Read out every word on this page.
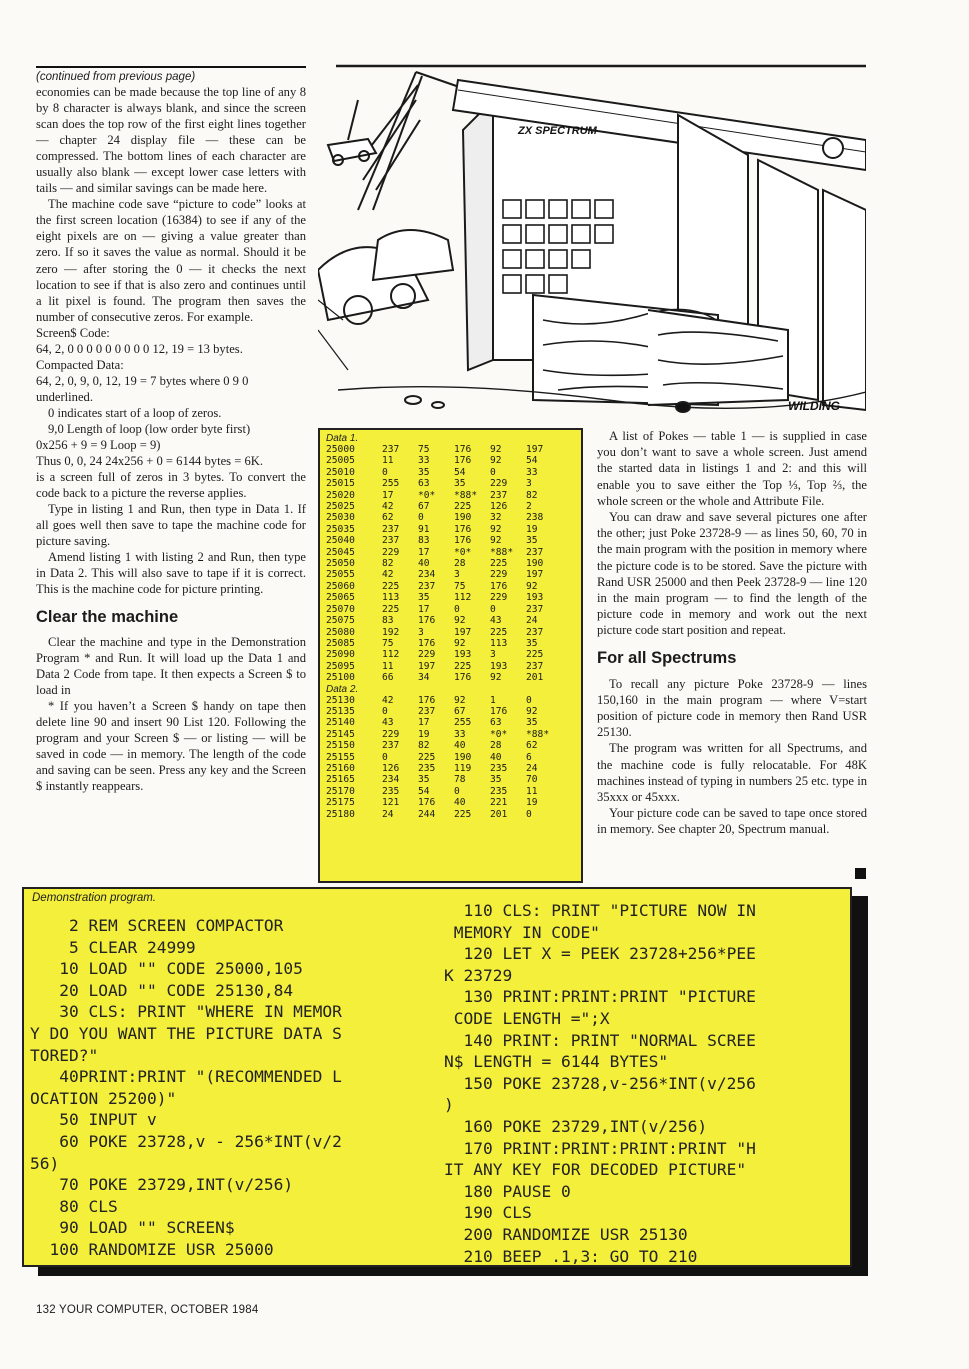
(continued from previous page)

economies can be made because the top line of any 8 by 8 character is always blank, and since the screen scan does the top row of the first eight lines together — chapter 24 display file — these can be compressed. The bottom lines of each character are usually also blank — except lower case letters with tails — and similar savings can be made here.

The machine code save “picture to code” looks at the first screen location (16384) to see if any of the eight pixels are on — giving a value greater than zero. If so it saves the value as normal. Should it be zero — after storing the 0 — it checks the next location to see if that is also zero and continues until a lit pixel is found. The program then saves the number of consecutive zeros. For example.

Screen$ Code:

64, 2, 0 0 0 0 0 0 0 0 0 12, 19 = 13 bytes.

Compacted Data:

64, 2, 0, 9, 0, 12, 19 = 7 bytes where 0 9 0

underlined.

0 indicates start of a loop of zeros.

9,0 Length of loop (low order byte first)

0x256 + 9 = 9 Loop = 9)

Thus 0, 0, 24 24x256 + 0 = 6144 bytes = 6K.

is a screen full of zeros in 3 bytes. To convert the code back to a picture the reverse applies.

Type in listing 1 and Run, then type in Data 1. If all goes well then save to tape the machine code for picture saving.

Amend listing 1 with listing 2 and Run, then type in Data 2. This will also save to tape if it is correct. This is the machine code for picture printing.

Clear the machine

Clear the machine and type in the Demonstration Program * and Run. It will load up the Data 1 and Data 2 Code from tape. It then expects a Screen $ to load in

* If you haven’t a Screen $ handy on tape then delete line 90 and insert 90 List 120. Following the program and your Screen $ — or listing — will be saved in code — in memory. The length of the code and saving can be seen. Press any key and the Screen $ instantly reappears.

ZX SPECTRUM
WILDING
Data 1.
25000	237	75	176	92	197
25005	11	33	176	92	54
25010	0	35	54	0	33
25015	255	63	35	229	3
25020	17	*0*	*88*	237	82
25025	42	67	225	126	2
25030	62	0	190	32	238
25035	237	91	176	92	19
25040	237	83	176	92	35
25045	229	17	*0*	*88*	237
25050	82	40	28	225	190
25055	42	234	3	229	197
25060	225	237	75	176	92
25065	113	35	112	229	193
25070	225	17	0	0	237
25075	83	176	92	43	24
25080	192	3	197	225	237
25085	75	176	92	113	35
25090	112	229	193	3	225
25095	11	197	225	193	237
25100	66	34	176	92	201
Data 2.
25130	42	176	92	1	0
25135	0	237	67	176	92
25140	43	17	255	63	35
25145	229	19	33	*0*	*88*
25150	237	82	40	28	62
25155	0	225	190	40	6
25160	126	235	119	235	24
25165	234	35	78	35	70
25170	235	54	0	235	11
25175	121	176	40	221	19
25180	24	244	225	201	0

A list of Pokes — table 1 — is supplied in case you don’t want to save a whole screen. Just amend the started data in listings 1 and 2: and this will enable you to save either the Top ⅓, Top ⅔, the whole screen or the whole and Attribute File.

You can draw and save several pictures one after the other; just Poke 23728-9 — as lines 50, 60, 70 in the main program with the position in memory where the picture code is to be stored. Save the picture with Rand USR 25000 and then Peek 23728-9 — line 120 in the main program — to find the length of the picture code in memory and work out the next picture code start position and repeat.

For all Spectrums

To recall any picture Poke 23728-9 — lines 150,160 in the main program — where V=start position of picture code in memory then Rand USR 25130.

The program was written for all Spectrums, and the machine code is fully relocatable. For 48K machines instead of typing in numbers 25 etc. type in 35xxx or 45xxx.

Your picture code can be saved to tape once stored in memory. See chapter 20, Spectrum manual.

Demonstration program.
2 REM SCREEN COMPACTOR
5 CLEAR 24999
10 LOAD "" CODE 25000,105
20 LOAD "" CODE 25130,84
30 CLS: PRINT "WHERE IN MEMOR
Y DO YOU WANT THE PICTURE DATA S
TORED?"
40PRINT:PRINT "(RECOMMENDED L
OCATION 25200)"
50 INPUT v
60 POKE 23728,v - 256*INT(v/2
56)
70 POKE 23729,INT(v/256)
80 CLS
90 LOAD "" SCREEN$
100 RANDOMIZE USR 25000
110 CLS: PRINT "PICTURE NOW IN
MEMORY IN CODE"
120 LET X = PEEK 23728+256*PEE
K 23729
130 PRINT:PRINT:PRINT "PICTURE
CODE LENGTH =";X
140 PRINT: PRINT "NORMAL SCREE
N$ LENGTH = 6144 BYTES"
150 POKE 23728,v-256*INT(v/256
)
160 POKE 23729,INT(v/256)
170 PRINT:PRINT:PRINT:PRINT "H
IT ANY KEY FOR DECODED PICTURE"
180 PAUSE 0
190 CLS
200 RANDOMIZE USR 25130
210 BEEP .1,3: GO TO 210
132 YOUR COMPUTER, OCTOBER 1984
